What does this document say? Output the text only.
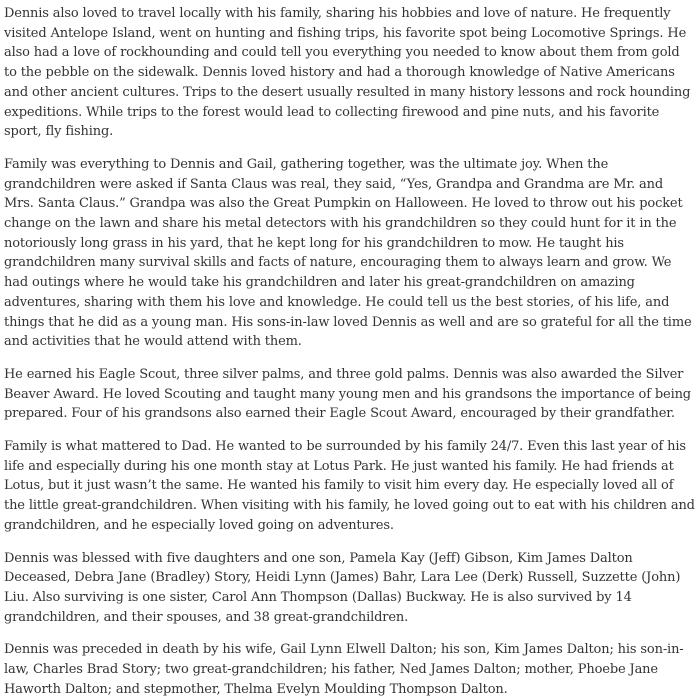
Dennis also loved to travel locally with his family, sharing his hobbies and love of nature. He frequently visited Antelope Island, went on hunting and fishing trips, his favorite spot being Locomotive Springs. He also had a love of rockhounding and could tell you everything you needed to know about them from gold to the pebble on the sidewalk. Dennis loved history and had a thorough knowledge of Native Americans and other ancient cultures. Trips to the desert usually resulted in many history lessons and rock hounding expeditions. While trips to the forest would lead to collecting firewood and pine nuts, and his favorite sport, fly fishing.

Family was everything to Dennis and Gail, gathering together, was the ultimate joy. When the grandchildren were asked if Santa Claus was real, they said, “Yes, Grandpa and Grandma are Mr. and Mrs. Santa Claus.” Grandpa was also the Great Pumpkin on Halloween. He loved to throw out his pocket change on the lawn and share his metal detectors with his grandchildren so they could hunt for it in the notoriously long grass in his yard, that he kept long for his grandchildren to mow. He taught his grandchildren many survival skills and facts of nature, encouraging them to always learn and grow. We had outings where he would take his grandchildren and later his great-grandchildren on amazing adventures, sharing with them his love and knowledge. He could tell us the best stories, of his life, and things that he did as a young man. His sons-in-law loved Dennis as well and are so grateful for all the time and activities that he would attend with them.

He earned his Eagle Scout, three silver palms, and three gold palms. Dennis was also awarded the Silver Beaver Award. He loved Scouting and taught many young men and his grandsons the importance of being prepared. Four of his grandsons also earned their Eagle Scout Award, encouraged by their grandfather.

Family is what mattered to Dad. He wanted to be surrounded by his family 24/7. Even this last year of his life and especially during his one month stay at Lotus Park. He just wanted his family. He had friends at Lotus, but it just wasn’t the same. He wanted his family to visit him every day. He especially loved all of the little great-grandchildren. When visiting with his family, he loved going out to eat with his children and grandchildren, and he especially loved going on adventures.

Dennis was blessed with five daughters and one son, Pamela Kay (Jeff) Gibson, Kim James Dalton Deceased, Debra Jane (Bradley) Story, Heidi Lynn (James) Bahr, Lara Lee (Derk) Russell, Suzzette (John) Liu. Also surviving is one sister, Carol Ann Thompson (Dallas) Buckway. He is also survived by 14 grandchildren, and their spouses, and 38 great-grandchildren.

Dennis was preceded in death by his wife, Gail Lynn Elwell Dalton; his son, Kim James Dalton; his son-in-law, Charles Brad Story; two great-grandchildren; his father, Ned James Dalton; mother, Phoebe Jane Haworth Dalton; and stepmother, Thelma Evelyn Moulding Thompson Dalton.
